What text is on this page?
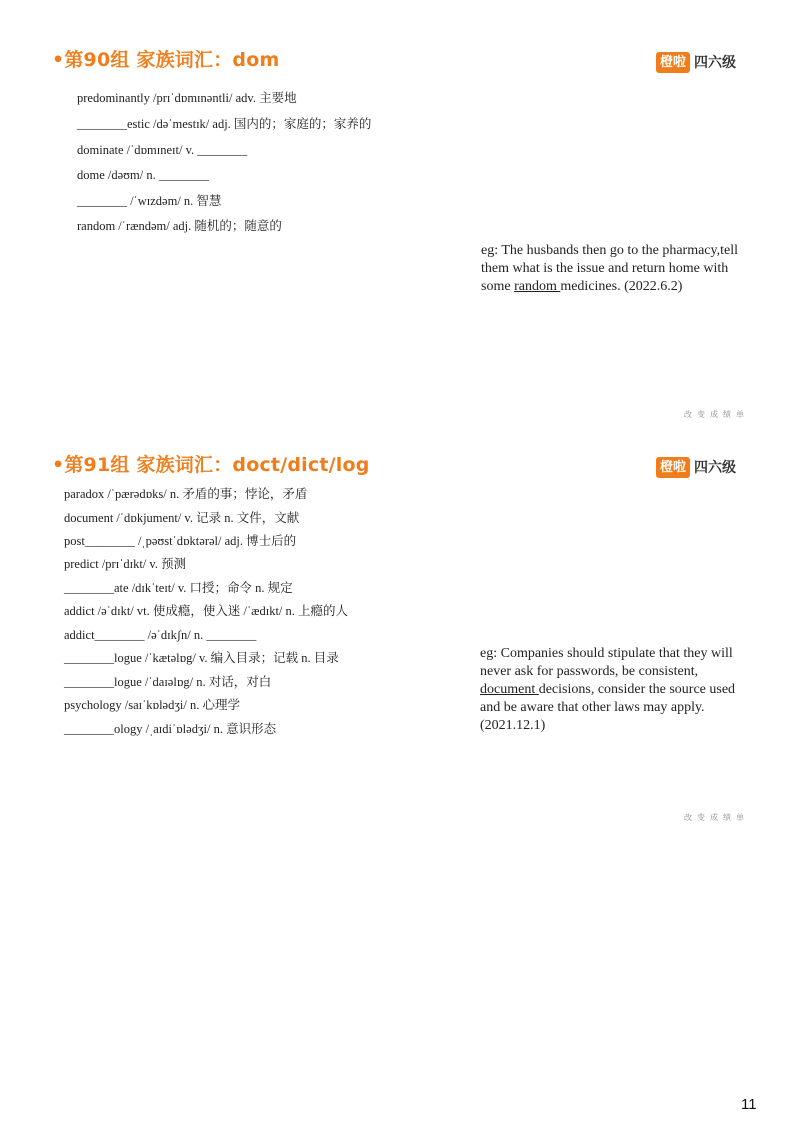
•第90组 家族词汇：dom	橙啦 四六级
predominantly /prɪˈdɒmɪnəntli/ adv. 主要地
________estic /dəˈmestɪk/ adj. 国内的；家庭的；家养的
dominate /ˈdɒmɪneɪt/ v. ________
dome /dəʊm/ n. ________
________ /ˈwɪzdəm/ n. 智慧
random /ˈrændəm/ adj. 随机的；随意的
eg: The husbands then go to the pharmacy,tell them what is the issue and return home with some random medicines. (2022.6.2)
改变成绩单
•第91组 家族词汇：doct/dict/log	橙啦 四六级
paradox /ˈpærədɒks/ n. 矛盾的事；悖论，矛盾
document /ˈdɒkjument/ v. 记录 n. 文件，文献
post________ /ˌpəʊstˈdɒktərəl/ adj. 博士后的
predict /prɪˈdɪkt/ v. 预测
________ate /dɪkˈteɪt/ v. 口授；命令 n. 规定
addict /əˈdɪkt/ vt. 使成瘾，使入迷 /ˈædɪkt/ n. 上瘾的人
addict________ /əˈdɪkʃn/ n. ________
________logue /ˈkætəlɒg/ v. 编入目录；记载 n. 目录
________logue /ˈdaɪəlɒg/ n. 对话，对白
psychology /saɪˈkɒlədʒi/ n. 心理学
________ology /ˌaɪdiˈɒlədʒi/ n. 意识形态
eg: Companies should stipulate that they will never ask for passwords, be consistent, document decisions, consider the source used and be aware that other laws may apply. (2021.12.1)
改变成绩单
11
